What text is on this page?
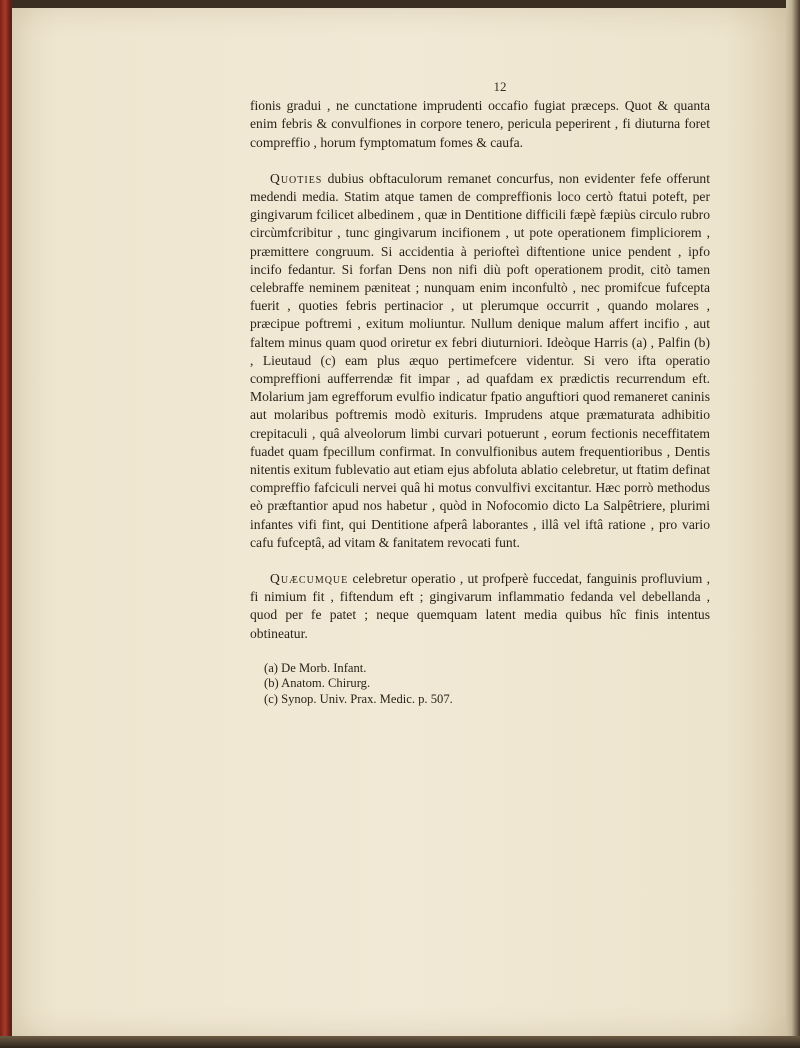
12

fionis gradui , ne cunctatione imprudenti occafio fugiat præceps. Quot & quanta enim febris & convulfiones in corpore tenero, pericula peperirent , fi diuturna foret compreffio , horum fymptomatum fomes & caufa.

Quoties dubius obftaculorum remanet concurfus, non evidenter fefe offerunt medendi media. Statim atque tamen de compreffionis loco certò ftatui poteft, per gingivarum fcilicet albedinem , quæ in Dentitione difficili fæpè fæpiùs circulo rubro circùmfcribitur , tunc gingivarum incifionem , ut pote operationem fimpliciorem , præmittere congruum. Si accidentia à periofteì diftentione unice pendent , ipfo incifo fedantur. Si forfan Dens non nifi diù poft operationem prodit, citò tamen celebraffe neminem pæniteat ; nunquam enim inconfultò , nec promifcue fufcepta fuerit , quoties febris pertinacior , ut plerumque occurrit , quando molares , præcipue poftremi , exitum moliuntur. Nullum denique malum affert incifio , aut faltem minus quam quod oriretur ex febri diuturniori. Ideòque Harris (a) , Palfin (b) , Lieutaud (c) eam plus æquo pertimefcere videntur. Si vero ifta operatio compreffioni aufferrendæ fit impar , ad quafdam ex prædictis recurrendum eft. Molarium jam egrefforum evulfio indicatur fpatio anguftiori quod remaneret caninis aut molaribus poftremis modò exituris. Imprudens atque præmaturata adhibitio crepitaculi , quâ alveolorum limbi curvari potuerunt , eorum fectionis neceffitatem fuadet quam fpecillum confirmat. In convulfionibus autem frequentioribus , Dentis nitentis exitum fublevatio aut etiam ejus abfoluta ablatio celebretur, ut ftatim definat compreffio fafciculi nervei quâ hi motus convulfivi excitantur. Hæc porrò methodus eò præftantior apud nos habetur , quòd in Nofocomio dicto La Salpêtriere, plurimi infantes vifi fint, qui Dentitione afperâ laborantes , illâ vel iftâ ratione , pro vario cafu fufceptâ, ad vitam & fanitatem revocati funt.

Quæcumque celebretur operatio , ut profperè fuccedat, fanguinis profluvium , fi nimium fit , fiftendum eft ; gingivarum inflammatio fedanda vel debellanda , quod per fe patet ; neque quemquam latent media quibus hîc finis intentus obtineatur.

(a) De Morb. Infant.
(b) Anatom. Chirurg.
(c) Synop. Univ. Prax. Medic. p. 507.
